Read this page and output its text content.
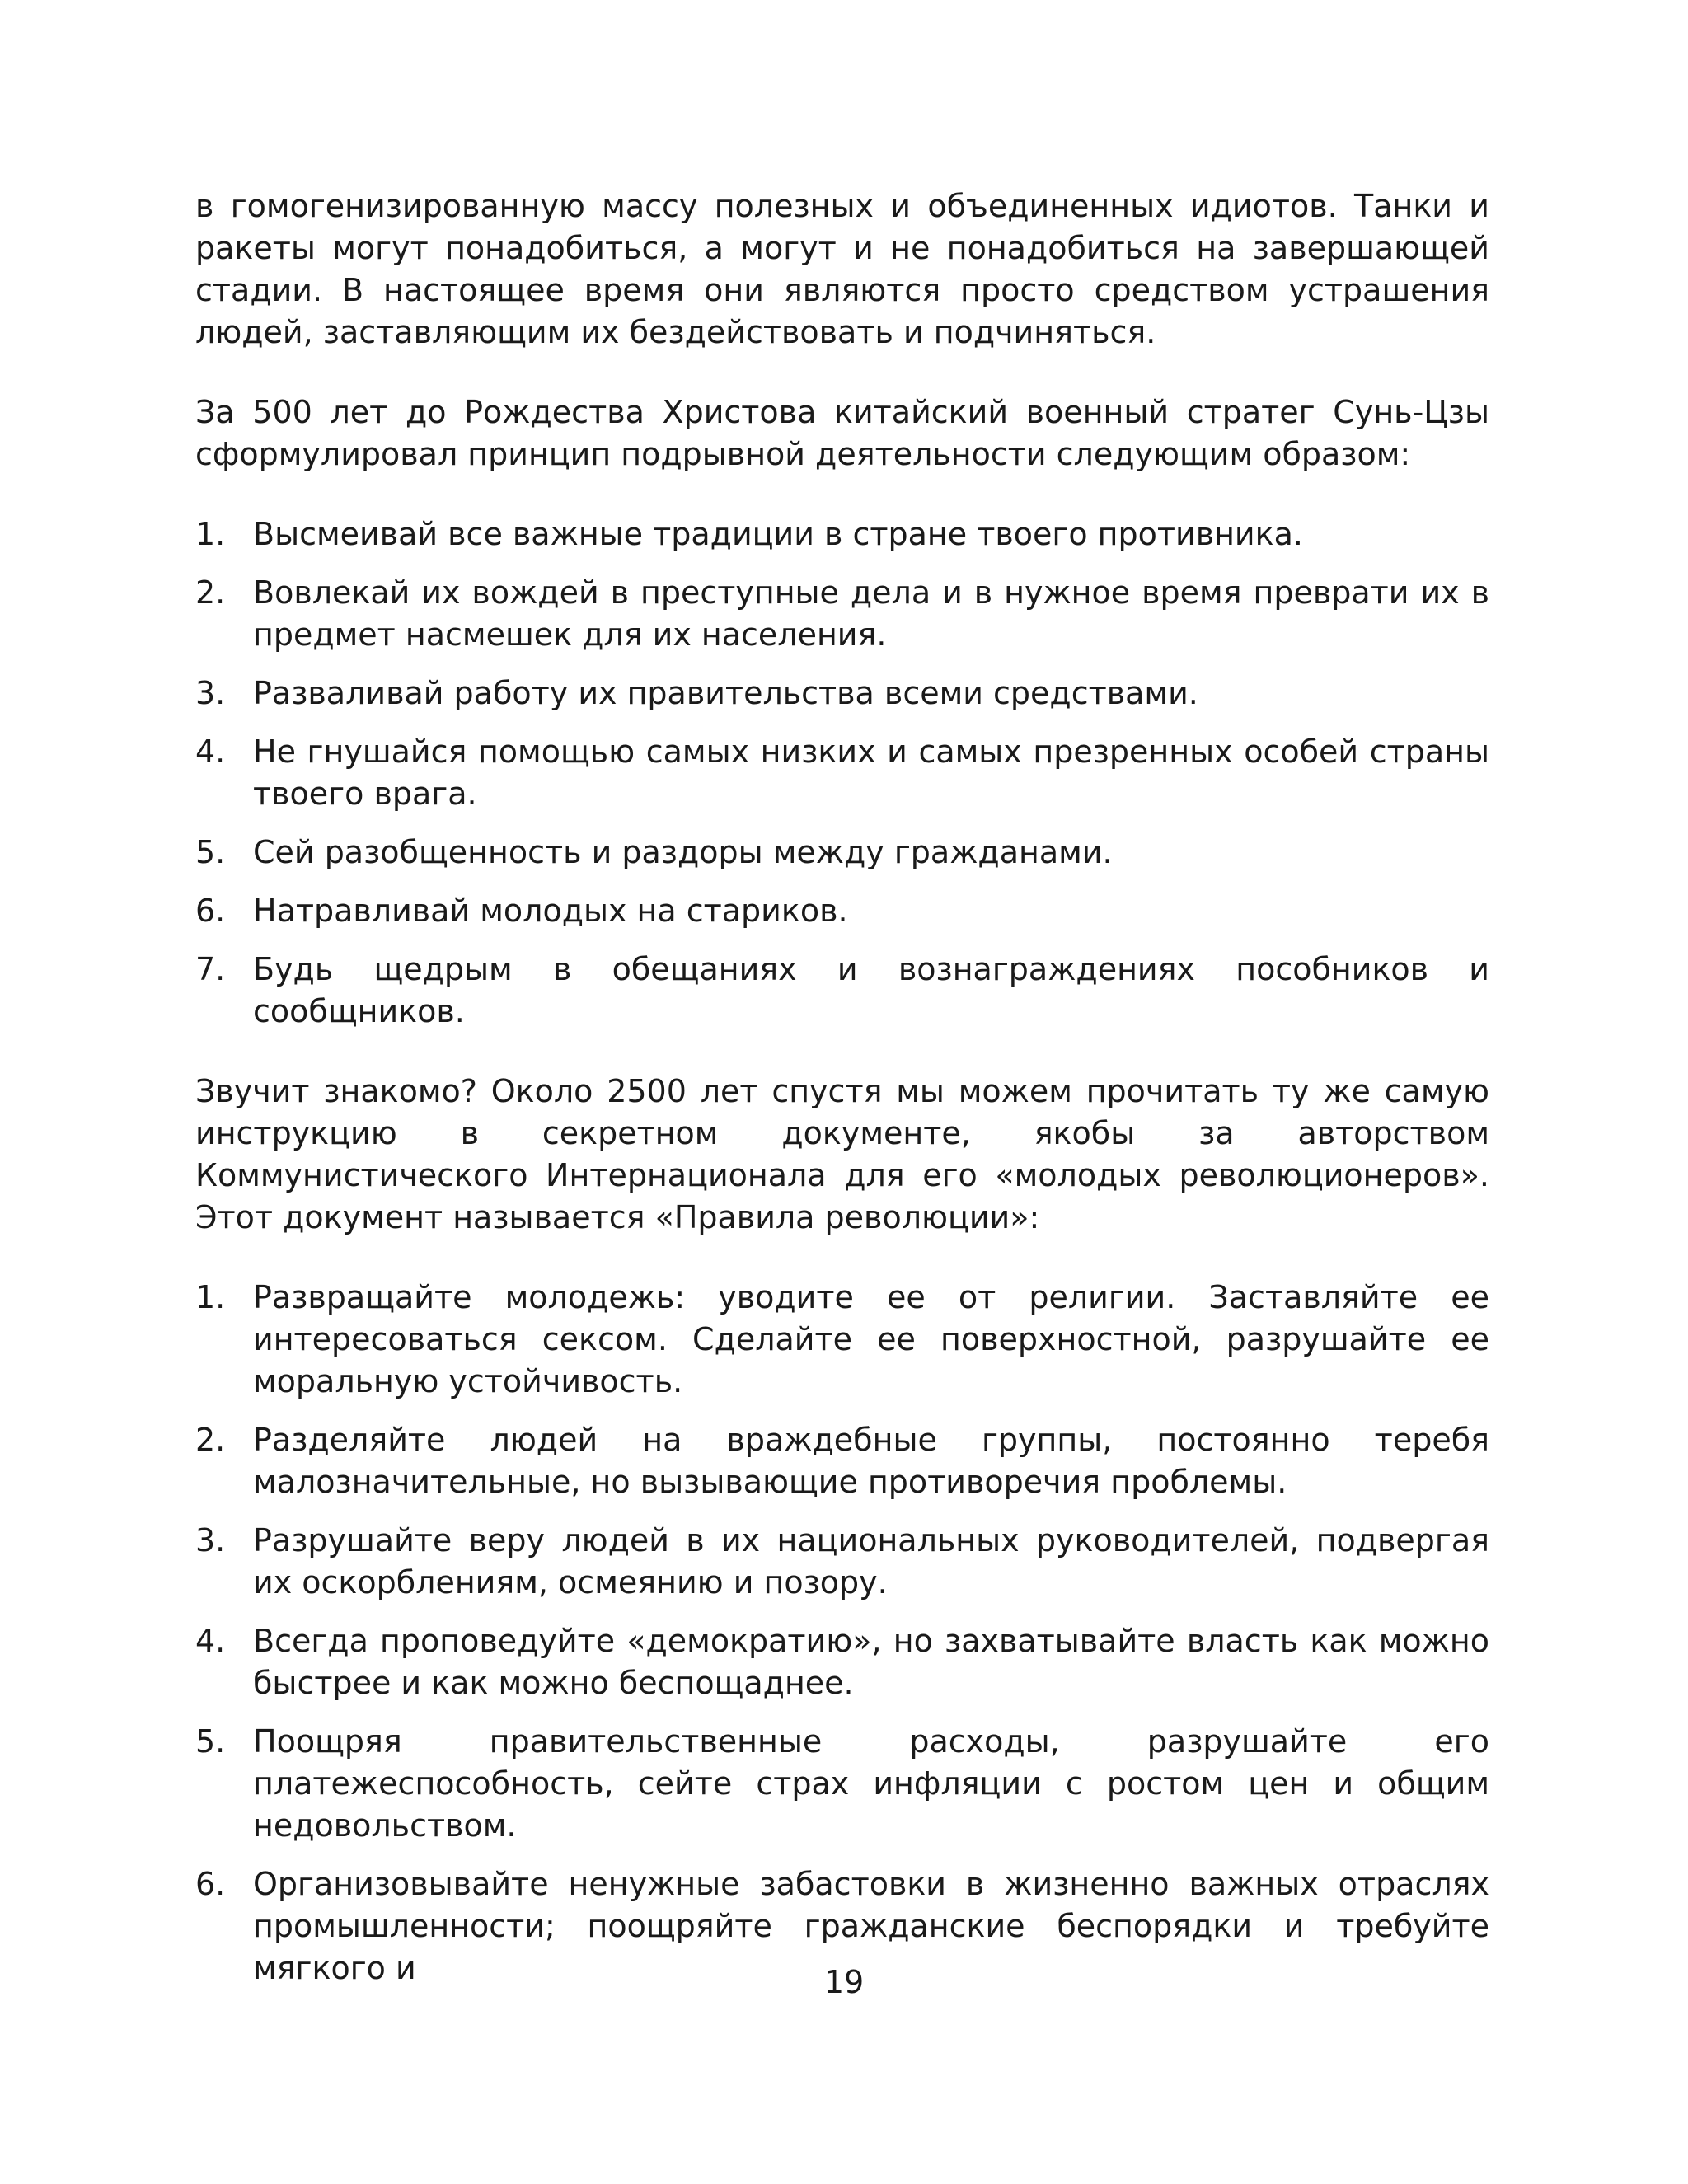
в гомогенизированную массу полезных и объединенных идиотов. Танки и ракеты могут понадобиться, а могут и не понадобиться на завершающей стадии. В настоящее время они являются просто средством устрашения людей, заставляющим их бездействовать и подчиняться.

За 500 лет до Рождества Христова китайский военный стратег Сунь-Цзы сформулировал принцип подрывной деятельности следующим образом:

1. Высмеивай все важные традиции в стране твоего противника.
2. Вовлекай их вождей в преступные дела и в нужное время преврати их в предмет насмешек для их населения.
3. Разваливай работу их правительства всеми средствами.
4. Не гнушайся помощью самых низких и самых презренных особей страны твоего врага.
5. Сей разобщенность и раздоры между гражданами.
6. Натравливай молодых на стариков.
7. Будь щедрым в обещаниях и вознаграждениях пособников и сообщников.

Звучит знакомо? Около 2500 лет спустя мы можем прочитать ту же самую инструкцию в секретном документе, якобы за авторством Коммунистического Интернационала для его «молодых революционеров». Этот документ называется «Правила революции»:

1. Развращайте молодежь: уводите ее от религии. Заставляйте ее интересоваться сексом. Сделайте ее поверхностной, разрушайте ее моральную устойчивость.
2. Разделяйте людей на враждебные группы, постоянно теребя малозначительные, но вызывающие противоречия проблемы.
3. Разрушайте веру людей в их национальных руководителей, подвергая их оскорблениям, осмеянию и позору.
4. Всегда проповедуйте «демократию», но захватывайте власть как можно быстрее и как можно беспощаднее.
5. Поощряя правительственные расходы, разрушайте его платежеспособность, сейте страх инфляции с ростом цен и общим недовольством.
6. Организовывайте ненужные забастовки в жизненно важных отраслях промышленности; поощряйте гражданские беспорядки и требуйте мягкого и	19
